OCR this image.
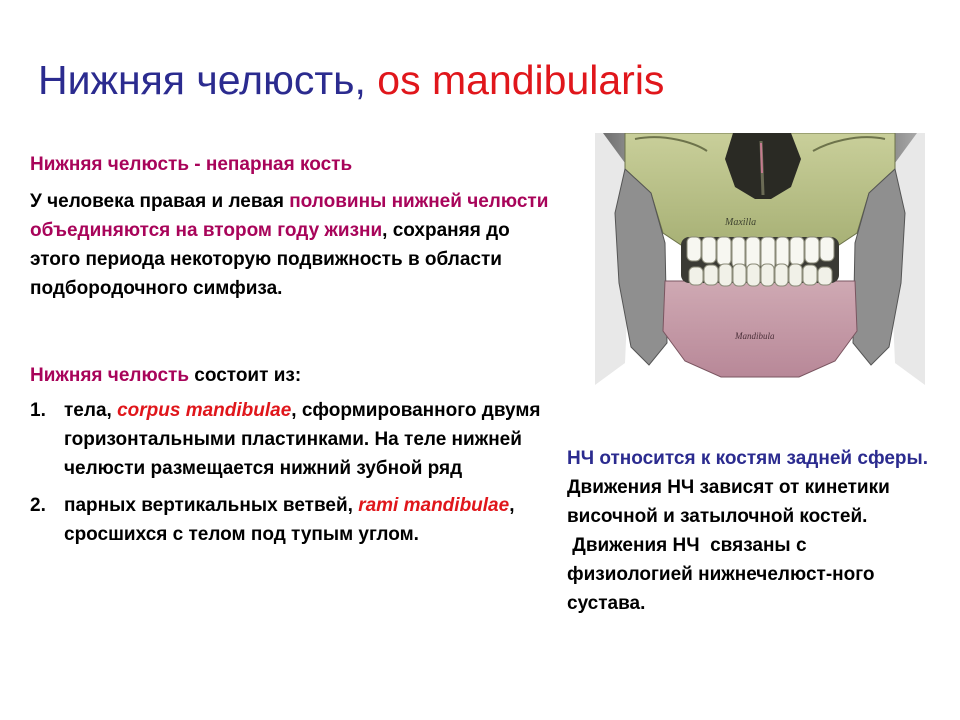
Нижняя челюсть, os mandibularis

Нижняя челюсть - непарная кость

У человека правая и левая половины нижней челюсти объединяются на втором году жизни, сохраняя до этого периода некоторую подвижность в области подбородочного симфиза.

Нижняя челюсть состоит из:

1. тела, corpus mandibulae, сформированного двумя горизонтальными пластинками. На теле нижней челюсти размещается нижний зубной ряд
2. парных вертикальных ветвей, rami mandibulae, сросшихся с телом под тупым углом.
Maxilla
Mandibula

НЧ относится к костям задней сферы.

Движения НЧ зависят от кинетики височной и затылочной костей.

Движения НЧ  связаны с физиологией нижнечелюст-ного сустава.
